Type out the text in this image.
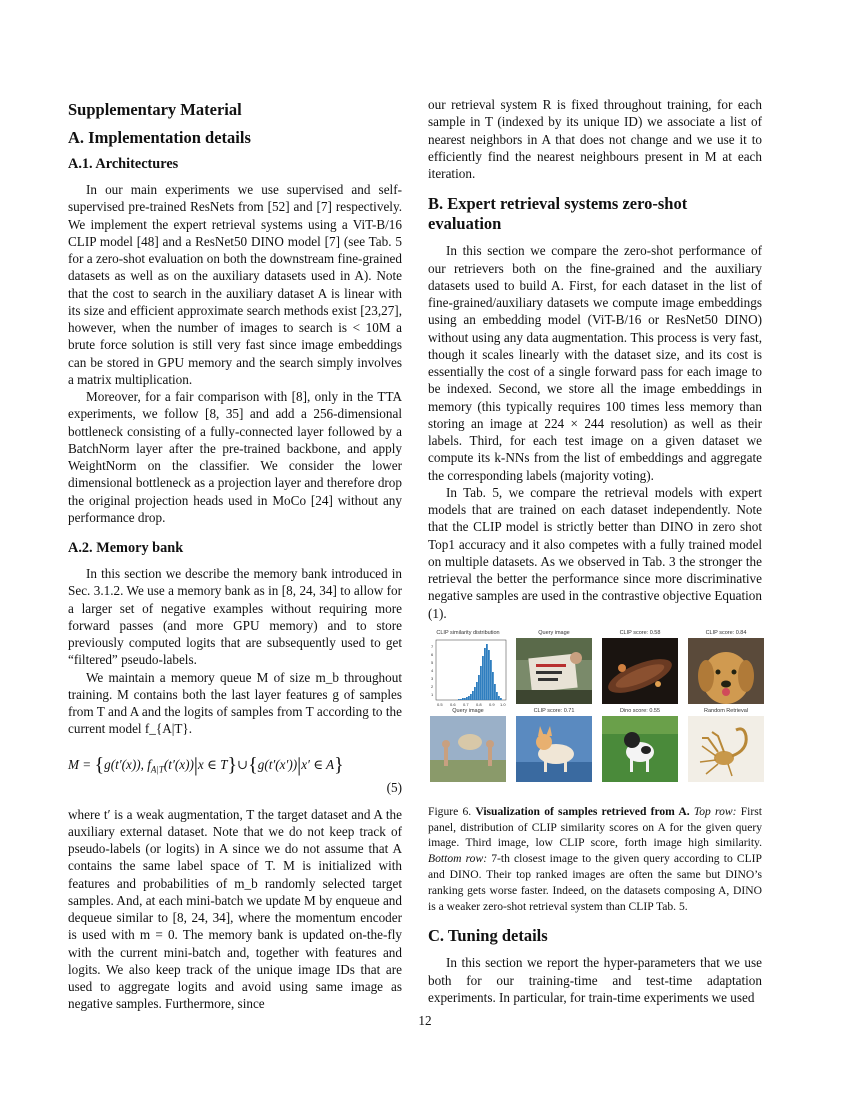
Supplementary Material
A. Implementation details
A.1. Architectures

In our main experiments we use supervised and self-supervised pre-trained ResNets from [52] and [7] respectively. We implement the expert retrieval systems using a ViT-B/16 CLIP model [48] and a ResNet50 DINO model [7] (see Tab. 5 for a zero-shot evaluation on both the downstream fine-grained datasets as well as on the auxiliary datasets used in A). Note that the cost to search in the auxiliary dataset A is linear with its size and efficient approximate search methods exist [23,27], however, when the number of images to search is < 10M a brute force solution is still very fast since image embeddings can be stored in GPU memory and the search simply involves a matrix multiplication.

Moreover, for a fair comparison with [8], only in the TTA experiments, we follow [8, 35] and add a 256-dimensional bottleneck consisting of a fully-connected layer followed by a BatchNorm layer after the pre-trained backbone, and apply WeightNorm on the classifier. We consider the lower dimensional bottleneck as a projection layer and therefore drop the original projection heads used in MoCo [24] without any performance drop.

A.2. Memory bank

In this section we describe the memory bank introduced in Sec. 3.1.2. We use a memory bank as in [8, 24, 34] to allow for a larger set of negative examples without requiring more forward passes (and more GPU memory) and to store previously computed logits that are subsequently used to get “filtered” pseudo-labels.

We maintain a memory queue M of size m_b throughout training. M contains both the last layer features g of samples from T and A and the logits of samples from T according to the current model f_{A|T}.

M = {g(t′(x)), $f_{A|T}(t'(x))|x$ ∈ T}∪{g(t′(x′))|x′ ∈ A}
(5)

where t′ is a weak augmentation, T the target dataset and A the auxiliary external dataset. Note that we do not keep track of pseudo-labels (or logits) in A since we do not assume that A contains the same label space of T. M is initialized with features and probabilities of m_b randomly selected target samples. And, at each mini-batch we update M by enqueue and dequeue similar to [8, 24, 34], where the momentum encoder is used with m = 0. The memory bank is updated on-the-fly with the current mini-batch and, together with features and logits. We also keep track of the unique image IDs that are used to aggregate logits and avoid using same image as negative samples. Furthermore, since

our retrieval system R is fixed throughout training, for each sample in T (indexed by its unique ID) we associate a list of nearest neighbors in A that does not change and we use it to efficiently find the nearest neighbours present in M at each iteration.

B. Expert retrieval systems zero-shot evaluation

In this section we compare the zero-shot performance of our retrievers both on the fine-grained and the auxiliary datasets used to build A. First, for each dataset in the list of fine-grained/auxiliary datasets we compute image embeddings using an embedding model (ViT-B/16 or ResNet50 DINO) without using any data augmentation. This process is very fast, though it scales linearly with the dataset size, and its cost is essentially the cost of a single forward pass for each image to be indexed. Second, we store all the image embeddings in memory (this typically requires 100 times less memory than storing an image at 224 × 244 resolution) as well as their labels. Third, for each test image on a given dataset we compute its k-NNs from the list of embeddings and aggregate the corresponding labels (majority voting).

In Tab. 5, we compare the retrieval models with expert models that are trained on each dataset independently. Note that the CLIP model is strictly better than DINO in zero shot Top1 accuracy and it also competes with a fully trained model on multiple datasets. As we observed in Tab. 3 the stronger the retrieval the better the performance since more discriminative negative samples are used in the contrastive objective Equation (1).

CLIP similarity distribution	Query image	CLIP score: 0.58	CLIP score: 0.84
0.5 0.6 0.7 0.8 0.9 1.0
1
2
3
4
5
6
7
Query image	CLIP score: 0.71	Dino score: 0.55	Random Retrieval
Figure 6. Visualization of samples retrieved from A. Top row: First panel, distribution of CLIP similarity scores on A for the given query image. Third image, low CLIP score, forth image high similarity. Bottom row: 7-th closest image to the given query according to CLIP and DINO. Their top ranked images are often the same but DINO’s ranking gets worse faster. Indeed, on the datasets composing A, DINO is a weaker zero-shot retrieval system than CLIP Tab. 5.
C. Tuning details

In this section we report the hyper-parameters that we use both for our training-time and test-time adaptation experiments. In particular, for train-time experiments we used

12
